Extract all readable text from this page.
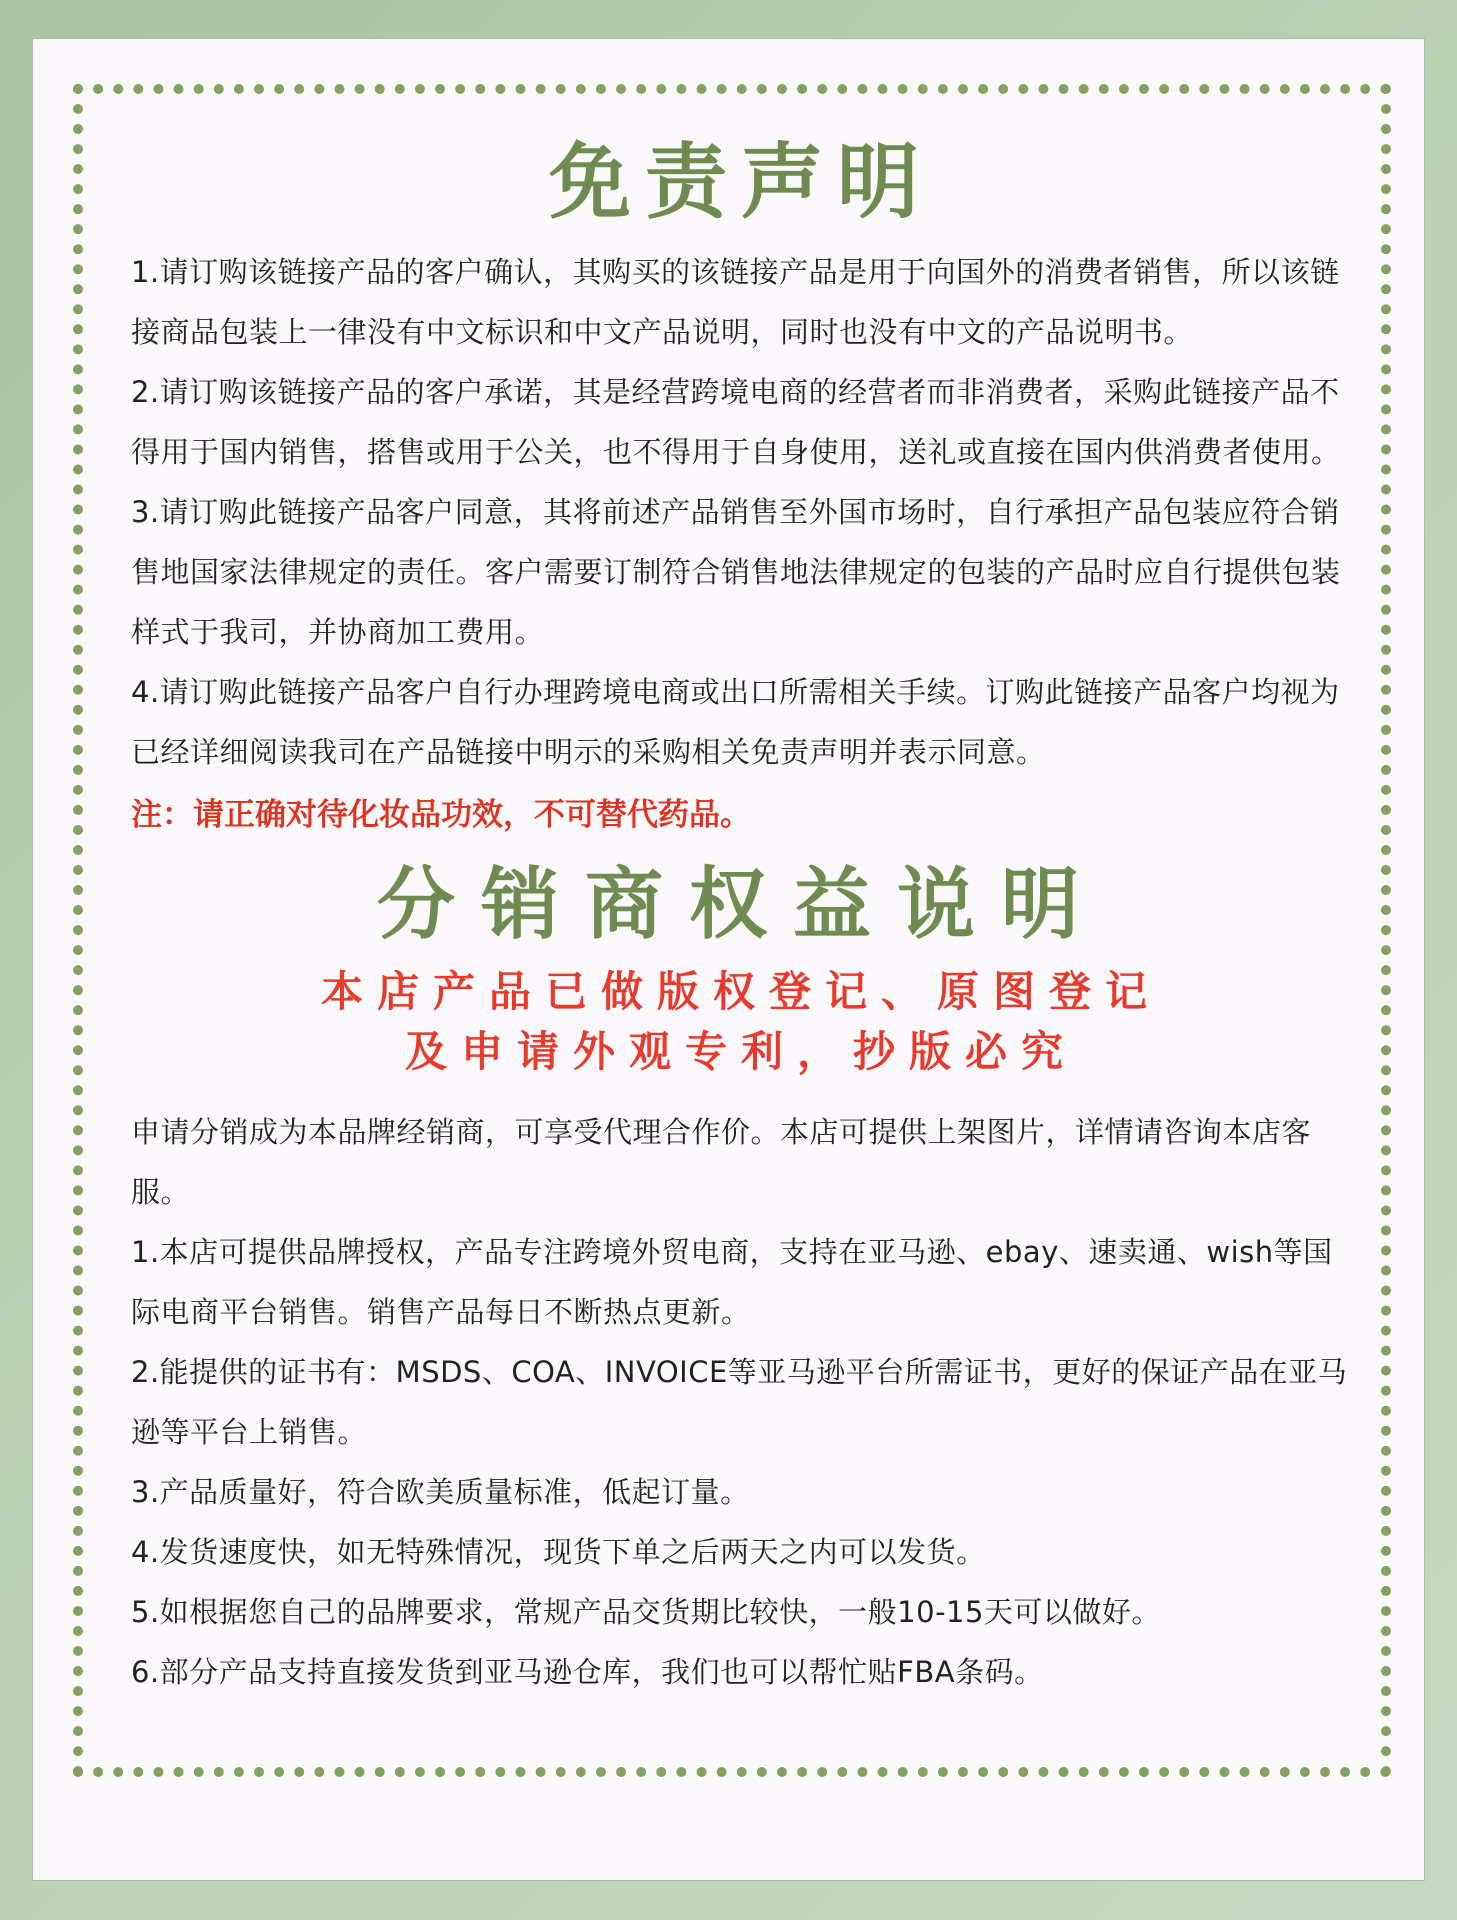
免责声明

1.请订购该链接产品的客户确认，其购买的该链接产品是用于向国外的消费者销售，所以该链接商品包装上一律没有中文标识和中文产品说明，同时也没有中文的产品说明书。

2.请订购该链接产品的客户承诺，其是经营跨境电商的经营者而非消费者，采购此链接产品不得用于国内销售，搭售或用于公关，也不得用于自身使用，送礼或直接在国内供消费者使用。

3.请订购此链接产品客户同意，其将前述产品销售至外国市场时，自行承担产品包装应符合销售地国家法律规定的责任。客户需要订制符合销售地法律规定的包装的产品时应自行提供包装样式于我司，并协商加工费用。

4.请订购此链接产品客户自行办理跨境电商或出口所需相关手续。订购此链接产品客户均视为已经详细阅读我司在产品链接中明示的采购相关免责声明并表示同意。

注：请正确对待化妆品功效，不可替代药品。

分销商权益说明

本店产品已做版权登记、原图登记

及申请外观专利，抄版必究

申请分销成为本品牌经销商，可享受代理合作价。本店可提供上架图片，详情请咨询本店客服。

1.本店可提供品牌授权，产品专注跨境外贸电商，支持在亚马逊、ebay、速卖通、wish等国际电商平台销售。销售产品每日不断热点更新。

2.能提供的证书有：MSDS、COA、INVOICE等亚马逊平台所需证书，更好的保证产品在亚马逊等平台上销售。

3.产品质量好，符合欧美质量标准，低起订量。

4.发货速度快，如无特殊情况，现货下单之后两天之内可以发货。

5.如根据您自己的品牌要求，常规产品交货期比较快，一般10-15天可以做好。

6.部分产品支持直接发货到亚马逊仓库，我们也可以帮忙贴FBA条码。
